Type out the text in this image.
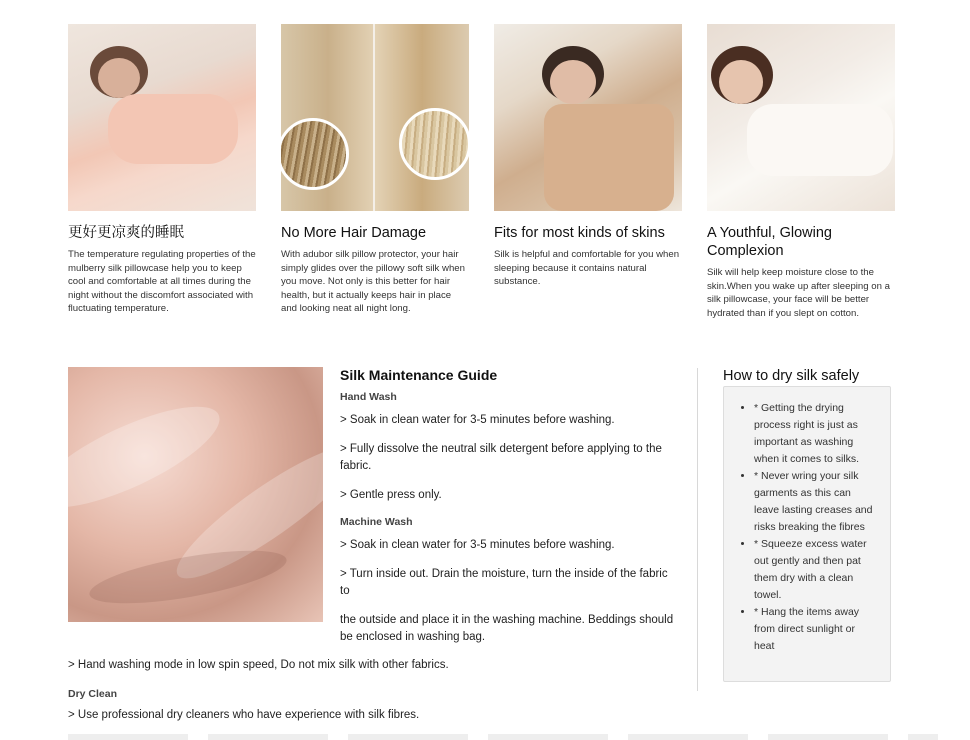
更好更凉爽的睡眠

The temperature regulating properties of the mulberry silk pillowcase help you to keep cool and comfortable at all times during the night without the discomfort associated with fluctuating temperature.

No More Hair Damage

With adubor silk pillow protector, your hair simply glides over the pillowy soft silk when you move. Not only is this better for hair health, but it actually keeps hair in place and looking neat all night long.

Fits for most kinds of skins

Silk is helpful and comfortable for you when sleeping because it contains natural substance.

A Youthful, Glowing Complexion

Silk will help keep moisture close to the skin.When you wake up after sleeping on a silk pillowcase, your face will be better hydrated than if you slept on cotton.

Silk Maintenance Guide
Hand Wash

> Soak in clean water for 3-5 minutes before washing.

> Fully dissolve the neutral silk detergent before applying to the fabric.

> Gentle press only.

Machine Wash

> Soak in clean water for 3-5 minutes before washing.

> Turn inside out. Drain the moisture, turn the inside of the fabric to

the outside and place it in the washing machine. Beddings should be enclosed in washing bag.

> Hand washing mode in low spin speed, Do not mix silk with other fabrics.

Dry Clean

> Use professional dry cleaners who have experience with silk fibres.

How to dry silk safely
• * Getting the drying process right is just as important as washing when it comes to silks.
• * Never wring your silk garments as this can leave lasting creases and risks breaking the fibres
• * Squeeze excess water out gently and then pat them dry with a clean towel.
• * Hang the items away from direct sunlight or heat
